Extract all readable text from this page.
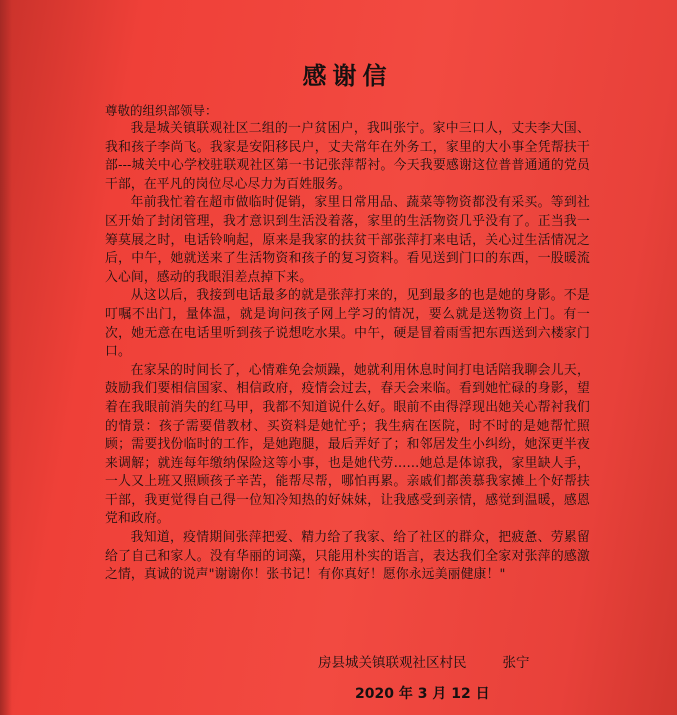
感谢信

尊敬的组织部领导：

我是城关镇联观社区二组的一户贫困户，我叫张宁。家中三口人，丈夫李大国、我和孩子李尚飞。我家是安阳移民户，丈夫常年在外务工，家里的大小事全凭帮扶干部---城关中心学校驻联观社区第一书记张萍帮衬。今天我要感谢这位普普通通的党员干部，在平凡的岗位尽心尽力为百姓服务。

年前我忙着在超市做临时促销，家里日常用品、蔬菜等物资都没有采买。等到社区开始了封闭管理，我才意识到生活没着落，家里的生活物资几乎没有了。正当我一筹莫展之时，电话铃响起，原来是我家的扶贫干部张萍打来电话，关心过生活情况之后，中午，她就送来了生活物资和孩子的复习资料。看见送到门口的东西，一股暖流入心间，感动的我眼泪差点掉下来。

从这以后，我接到电话最多的就是张萍打来的，见到最多的也是她的身影。不是叮嘱不出门，量体温，就是询问孩子网上学习的情况，要么就是送物资上门。有一次，她无意在电话里听到孩子说想吃水果。中午，硬是冒着雨雪把东西送到六楼家门口。

在家呆的时间长了，心情难免会烦躁，她就利用休息时间打电话陪我聊会儿天，鼓励我们要相信国家、相信政府，疫情会过去，春天会来临。看到她忙碌的身影，望着在我眼前消失的红马甲，我都不知道说什么好。眼前不由得浮现出她关心帮衬我们的情景：孩子需要借教材、买资料是她忙乎；我生病在医院，时不时的是她帮忙照顾；需要找份临时的工作，是她跑腿，最后弄好了；和邻居发生小纠纷，她深更半夜来调解；就连每年缴纳保险这等小事，也是她代劳……她总是体谅我，家里缺人手，一人又上班又照顾孩子辛苦，能帮尽帮，哪怕再累。亲戚们都羡慕我家摊上个好帮扶干部，我更觉得自己得一位知冷知热的好妹妹，让我感受到亲情，感觉到温暖，感恩党和政府。

我知道，疫情期间张萍把爱、精力给了我家、给了社区的群众，把疲惫、劳累留给了自己和家人。没有华丽的词藻，只能用朴实的语言，表达我们全家对张萍的感激之情，真诚的说声"谢谢你！张书记！有你真好！愿你永远美丽健康！"

房县城关镇联观社区村民	张宁
2020 年 3 月 12 日
